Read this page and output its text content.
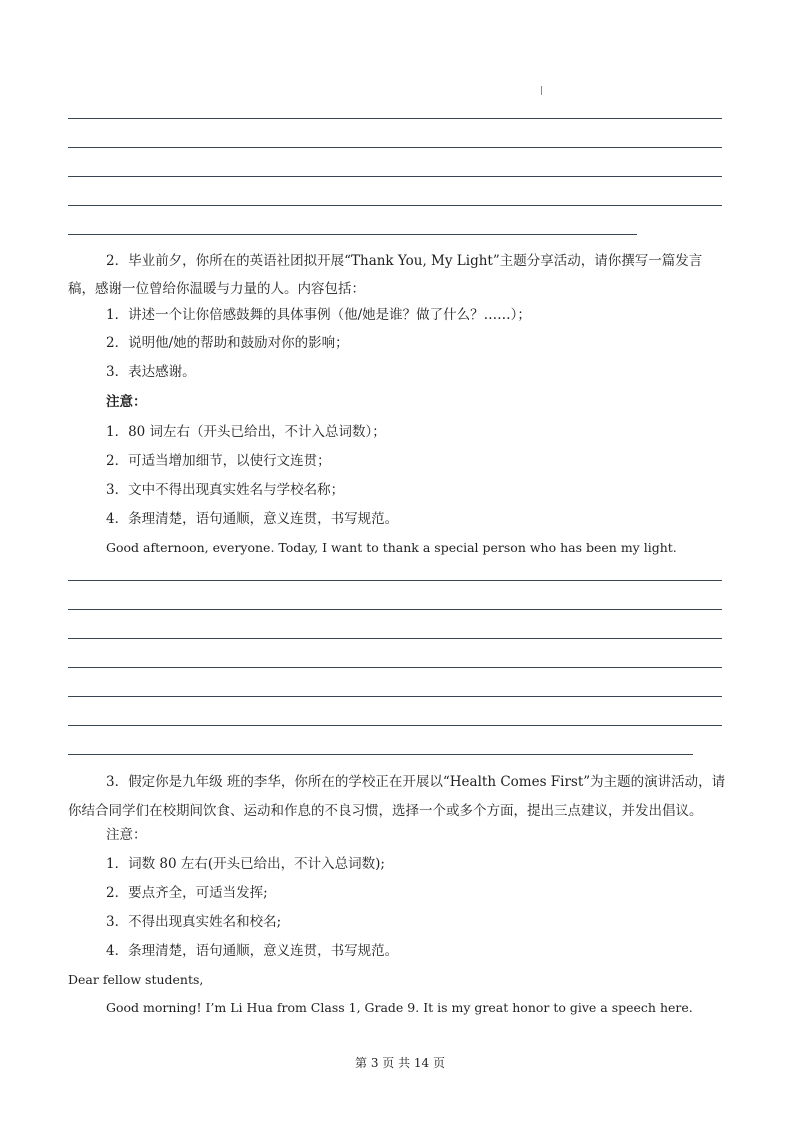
2．毕业前夕，你所在的英语社团拟开展“Thank You, My Light”主题分享活动，请你撰写一篇发言稿，感谢一位曾给你温暖与力量的人。内容包括：
1．讲述一个让你倍感鼓舞的具体事例（他/她是谁？做了什么？……）；
2．说明他/她的帮助和鼓励对你的影响；
3．表达感谢。
注意：
1．80 词左右（开头已给出，不计入总词数）；
2．可适当增加细节，以使行文连贯；
3．文中不得出现真实姓名与学校名称；
4．条理清楚，语句通顺，意义连贯，书写规范。
Good afternoon, everyone. Today, I want to thank a special person who has been my light.
3．假定你是九年级 班的李华，你所在的学校正在开展以“Health Comes First”为主题的演讲活动，请你结合同学们在校期间饮食、运动和作息的不良习惯，选择一个或多个方面，提出三点建议，并发出倡议。
注意：
1．词数 80 左右(开头已给出，不计入总词数);
2．要点齐全，可适当发挥;
3．不得出现真实姓名和校名;
4．条理清楚，语句通顺，意义连贯，书写规范。
Dear fellow students,
Good morning! I’m Li Hua from Class 1, Grade 9. It is my great honor to give a speech here.
第 3 页 共 14 页
